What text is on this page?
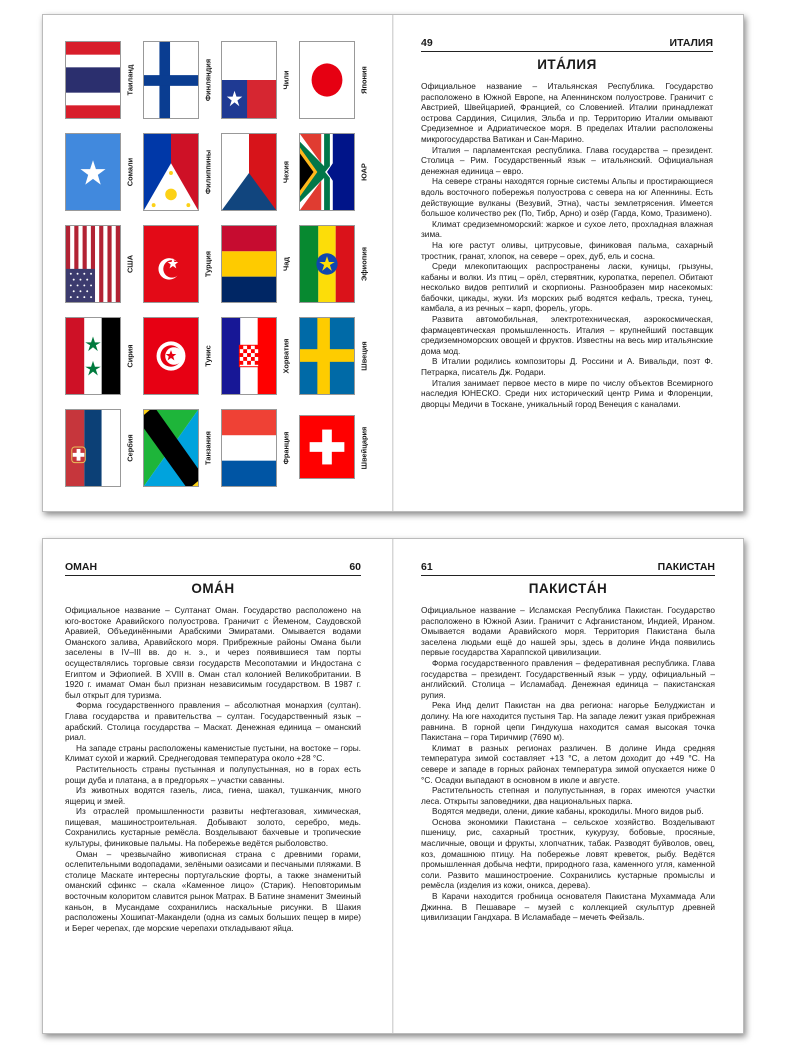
Таиланд	Финляндия	Чили	Япония
Сомали	Филиппины	Чехия	ЮАР
США	Турция	Чад	Эфиопия
Сирия	Тунис	Хорватия	Швеция
Сербия	Танзания	Франция	Швейцария
49	ИТАЛИЯ
ИТÁЛИЯ

Официальное название – Итальянская Республика. Государство расположено в Южной Европе, на Апеннинском полуострове. Граничит с Австрией, Швейцарией, Францией, со Словенией. Италии принадлежат острова Сардиния, Сицилия, Эльба и пр. Территорию Италии омывают Средиземное и Адриатическое моря. В пределах Италии расположены микрогосударства Ватикан и Сан-Марино.

Италия – парламентская республика. Глава государства – президент. Столица – Рим. Государственный язык – итальянский. Официальная денежная единица – евро.

На севере страны находятся горные системы Альпы и простирающиеся вдоль восточного побережья полуострова с севера на юг Апеннины. Есть действующие вулканы (Везувий, Этна), часты землетрясения. Имеется большое количество рек (По, Тибр, Арно) и озёр (Гарда, Комо, Тразимено).

Климат средиземноморский: жаркое и сухое лето, прохладная влажная зима.

На юге растут оливы, цитрусовые, финиковая пальма, сахарный тростник, гранат, хлопок, на севере – орех, дуб, ель и сосна.

Среди млекопитающих распространены ласки, куницы, грызуны, кабаны и волки. Из птиц – орёл, стервятник, куропатка, перепел. Обитают несколько видов рептилий и скорпионы. Разнообразен мир насекомых: бабочки, цикады, жуки. Из морских рыб водятся кефаль, треска, тунец, камбала, а из речных – карп, форель, угорь.

Развита автомобильная, электротехническая, аэрокосмическая, фармацевтическая промышленность. Италия – крупнейший поставщик средиземноморских овощей и фруктов. Известны на весь мир итальянские дома мод.

В Италии родились композиторы Д. Россини и А. Вивальди, поэт Ф. Петрарка, писатель Дж. Родари.

Италия занимает первое место в мире по числу объектов Всемирного наследия ЮНЕСКО. Среди них исторический центр Рима и Флоренции, дворцы Медичи в Тоскане, уникальный город Венеция с каналами.

ОМАН	60
ОМÁН

Официальное название – Султанат Оман. Государство расположено на юго-востоке Аравийского полуострова. Граничит с Йеменом, Саудовской Аравией, Объединёнными Арабскими Эмиратами. Омывается водами Оманского залива, Аравийского моря. Прибрежные районы Омана были заселены в IV–III вв. до н. э., и через появившиеся там порты осуществлялись торговые связи государств Месопотамии и Индостана с Египтом и Эфиопией. В XVIII в. Оман стал колонией Великобритании. В 1920 г. имамат Оман был признан независимым государством. В 1987 г. был открыт для туризма.

Форма государственного правления – абсолютная монархия (султан). Глава государства и правительства – султан. Государственный язык – арабский. Столица государства – Маскат. Денежная единица – оманский риал.

На западе страны расположены каменистые пустыни, на востоке – горы. Климат сухой и жаркий. Среднегодовая температура около +28 °С.

Растительность страны пустынная и полупустынная, но в горах есть рощи дуба и платана, а в предгорьях – участки саванны.

Из животных водятся газель, лиса, гиена, шакал, тушканчик, много ящериц и змей.

Из отраслей промышленности развиты нефтегазовая, химическая, пищевая, машиностроительная. Добывают золото, серебро, медь. Сохранились кустарные ремёсла. Возделывают бахчевые и тропические культуры, финиковые пальмы. На побережье ведётся рыболовство.

Оман – чрезвычайно живописная страна с древними горами, ослепительными водопадами, зелёными оазисами и песчаными пляжами. В столице Маскате интересны португальские форты, а также знаменитый оманский сфинкс – скала «Каменное лицо» (Старик). Неповторимым восточным колоритом славится рынок Матрах. В Батине знаменит Змеиный каньон, в Мусандаме сохранились наскальные рисунки. В Шакия расположены Хошипат-Макандели (одна из самых больших пещер в мире) и Берег черепах, где морские черепахи откладывают яйца.

61	ПАКИСТАН
ПАКИСТÁН

Официальное название – Исламская Республика Пакистан. Государство расположено в Южной Азии. Граничит с Афганистаном, Индией, Ираном. Омывается водами Аравийского моря. Территория Пакистана была заселена людьми ещё до нашей эры, здесь в долине Инда появились первые государства Хараппской цивилизации.

Форма государственного правления – федеративная республика. Глава государства – президент. Государственный язык – урду, официальный – английский. Столица – Исламабад. Денежная единица – пакистанская рупия.

Река Инд делит Пакистан на два региона: нагорье Белуджистан и долину. На юге находится пустыня Тар. На западе лежит узкая прибрежная равнина. В горной цепи Гиндукуша находится самая высокая точка Пакистана – гора Тиричмир (7690 м).

Климат в разных регионах различен. В долине Инда средняя температура зимой составляет +13 °С, а летом доходит до +49 °С. На севере и западе в горных районах температура зимой опускается ниже 0 °С. Осадки выпадают в основном в июле и августе.

Растительность степная и полупустынная, в горах имеются участки леса. Открыты заповедники, два национальных парка.

Водятся медведи, олени, дикие кабаны, крокодилы. Много видов рыб.

Основа экономики Пакистана – сельское хозяйство. Возделывают пшеницу, рис, сахарный тростник, кукурузу, бобовые, просяные, масличные, овощи и фрукты, хлопчатник, табак. Разводят буйволов, овец, коз, домашнюю птицу. На побережье ловят креветок, рыбу. Ведётся промышленная добыча нефти, природного газа, каменного угля, каменной соли. Развито машиностроение. Сохранились кустарные промыслы и ремёсла (изделия из кожи, оникса, дерева).

В Карачи находится гробница основателя Пакистана Мухаммада Али Джинна. В Пешаваре – музей с коллекцией скульптур древней цивилизации Гандхара. В Исламабаде – мечеть Фейзаль.
